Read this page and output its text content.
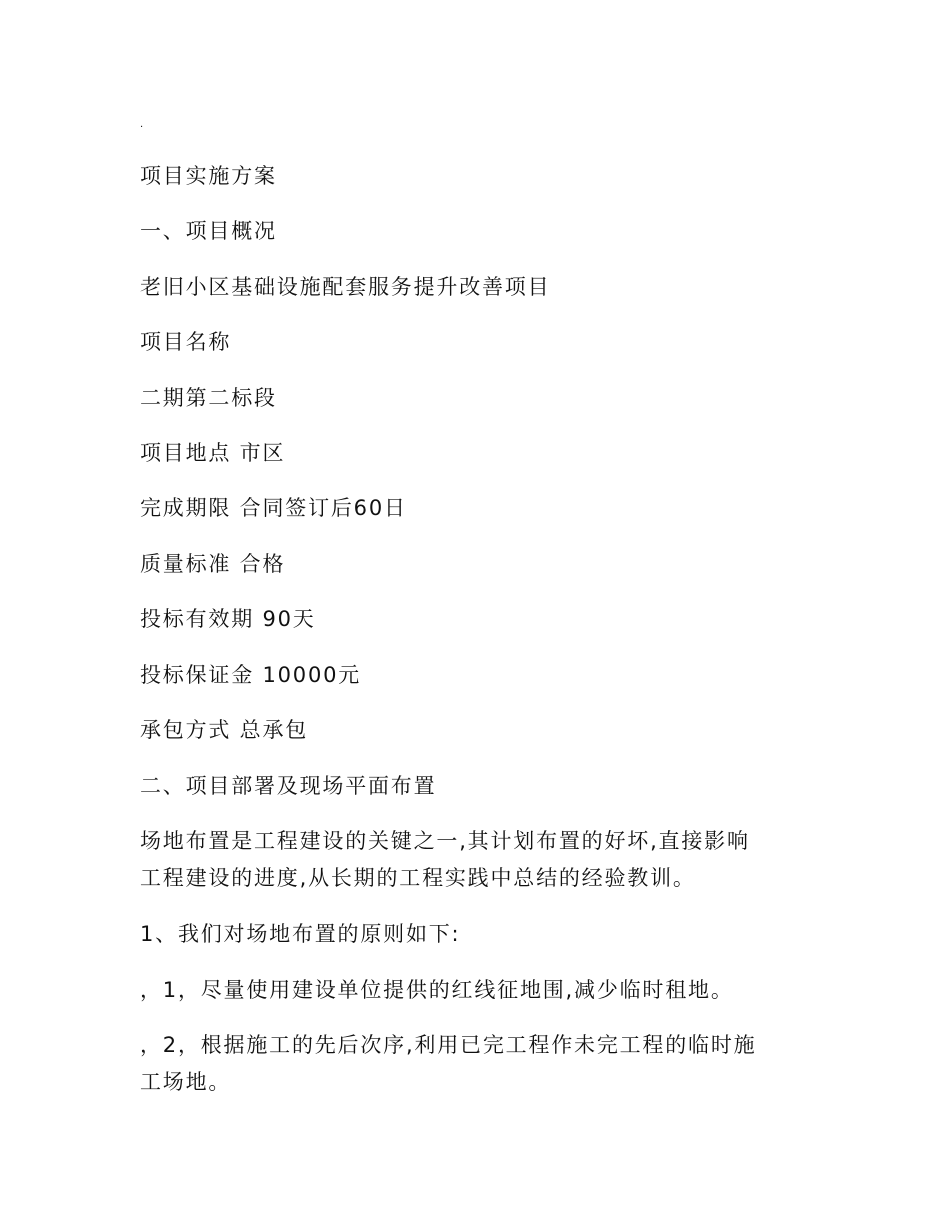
.

项目实施方案

一、项目概况

老旧小区基础设施配套服务提升改善项目

项目名称

二期第二标段

项目地点 市区

完成期限 合同签订后60日

质量标准 合格

投标有效期 90天

投标保证金 10000元

承包方式 总承包

二、项目部署及现场平面布置

场地布置是工程建设的关键之一,其计划布置的好坏,直接影响

工程建设的进度,从长期的工程实践中总结的经验教训。

1、我们对场地布置的原则如下:

，1，尽量使用建设单位提供的红线征地围,减少临时租地。

，2，根据施工的先后次序,利用已完工程作未完工程的临时施

工场地。
